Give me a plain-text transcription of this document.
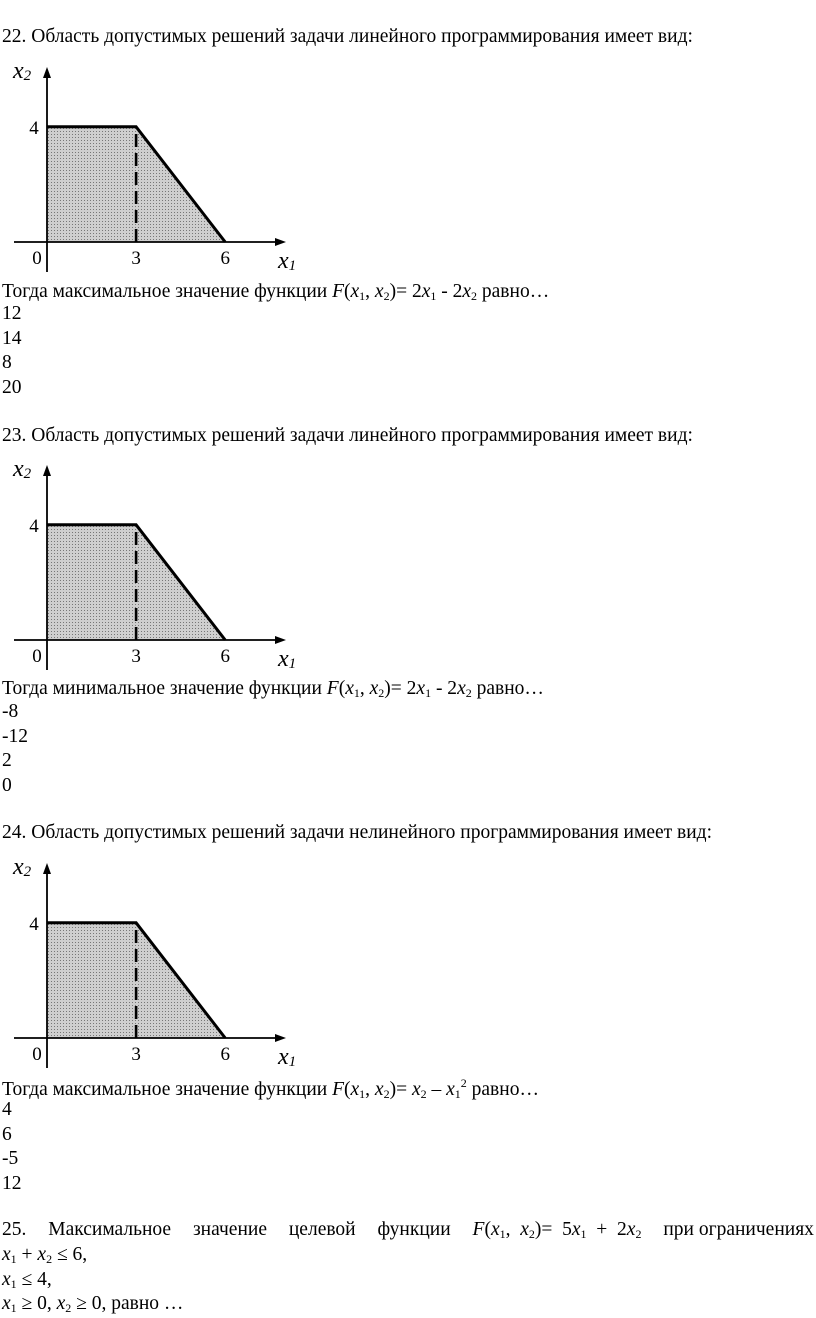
22. Область допустимых решений задачи линейного программирования имеет вид:
0	3	6
4
x2
x1
Тогда максимальное значение функции $F(x_1$, $x_2)= 2x_1 - 2x_2$ равно…
12
14
8
20
23. Область допустимых решений задачи линейного программирования имеет вид:
0	3	6
4
x2
x1
Тогда минимальное значение функции $F(x_1$, $x_2)= 2x_1 - 2x_2$ равно…
-8
-12
2
0
24. Область допустимых решений задачи нелинейного программирования имеет вид:
0	3	6
4
x2
x1
Тогда максимальное значение функции $F(x_1$, $x_2)= x_2 - x_1^2$ равно…
4
6
-5
12
25. Максимальное значение целевой функции $F(x_1$,  $x_2)= 5x_1 + 2x_2$ при ограничениях
$x_1 + x_2 \le 6$,
$x_1 \le 4$,
$x_1 \ge 0$, $x_2 \ge 0$, равно …
